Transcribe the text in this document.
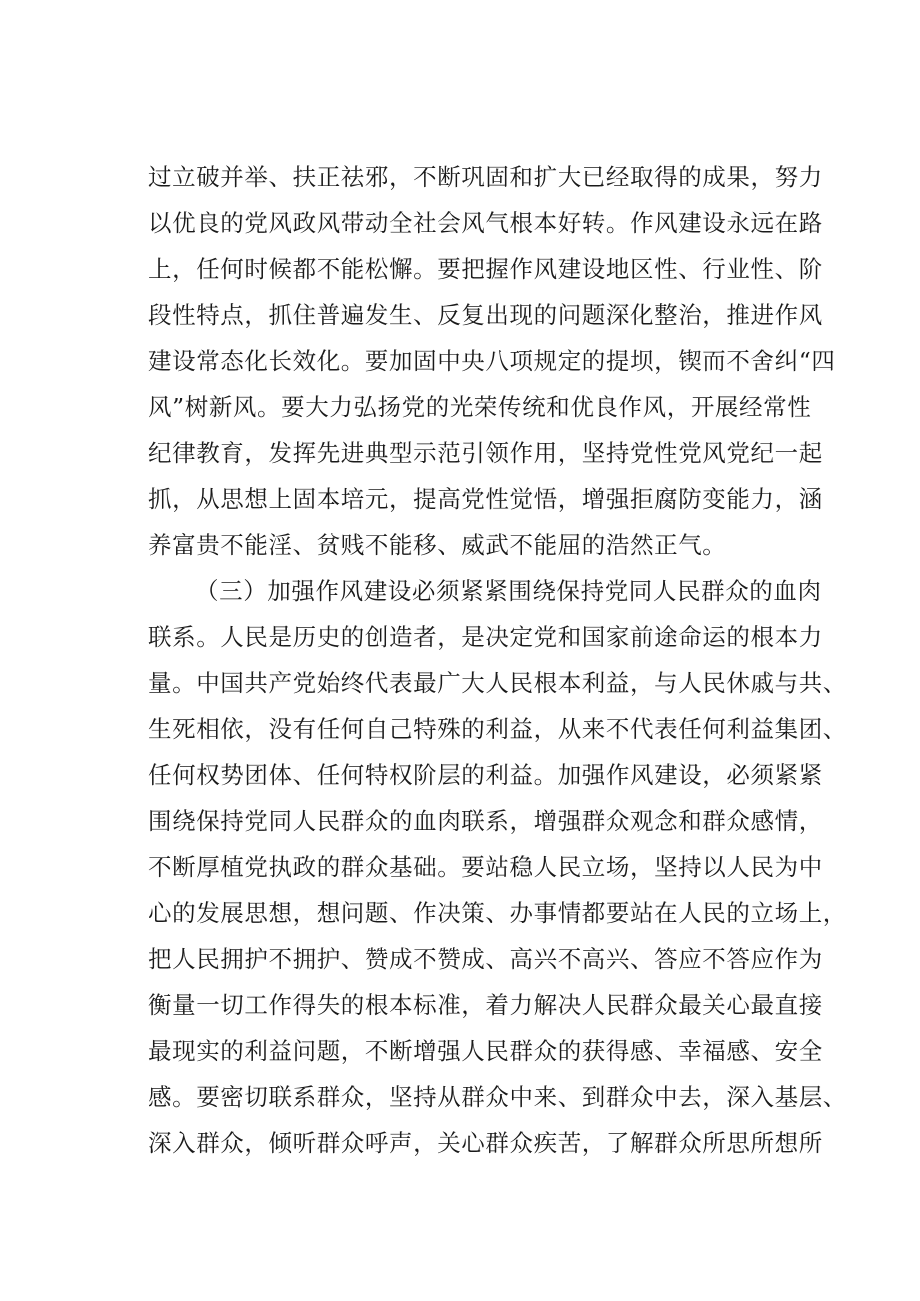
过立破并举、扶正祛邪，不断巩固和扩大已经取得的成果，努力
以优良的党风政风带动全社会风气根本好转。作风建设永远在路
上，任何时候都不能松懈。要把握作风建设地区性、行业性、阶
段性特点，抓住普遍发生、反复出现的问题深化整治，推进作风
建设常态化长效化。要加固中央八项规定的提坝，锲而不舍纠“四
风”树新风。要大力弘扬党的光荣传统和优良作风，开展经常性
纪律教育，发挥先进典型示范引领作用，坚持党性党风党纪一起
抓，从思想上固本培元，提高党性觉悟，增强拒腐防变能力，涵
养富贵不能淫、贫贱不能移、威武不能屈的浩然正气。
（三）加强作风建设必须紧紧围绕保持党同人民群众的血肉
联系。人民是历史的创造者，是决定党和国家前途命运的根本力
量。中国共产党始终代表最广大人民根本利益，与人民休戚与共、
生死相依，没有任何自己特殊的利益，从来不代表任何利益集团、
任何权势团体、任何特权阶层的利益。加强作风建设，必须紧紧
围绕保持党同人民群众的血肉联系，增强群众观念和群众感情，
不断厚植党执政的群众基础。要站稳人民立场，坚持以人民为中
心的发展思想，想问题、作决策、办事情都要站在人民的立场上，
把人民拥护不拥护、赞成不赞成、高兴不高兴、答应不答应作为
衡量一切工作得失的根本标准，着力解决人民群众最关心最直接
最现实的利益问题，不断增强人民群众的获得感、幸福感、安全
感。要密切联系群众，坚持从群众中来、到群众中去，深入基层、
深入群众，倾听群众呼声，关心群众疾苦，了解群众所思所想所
